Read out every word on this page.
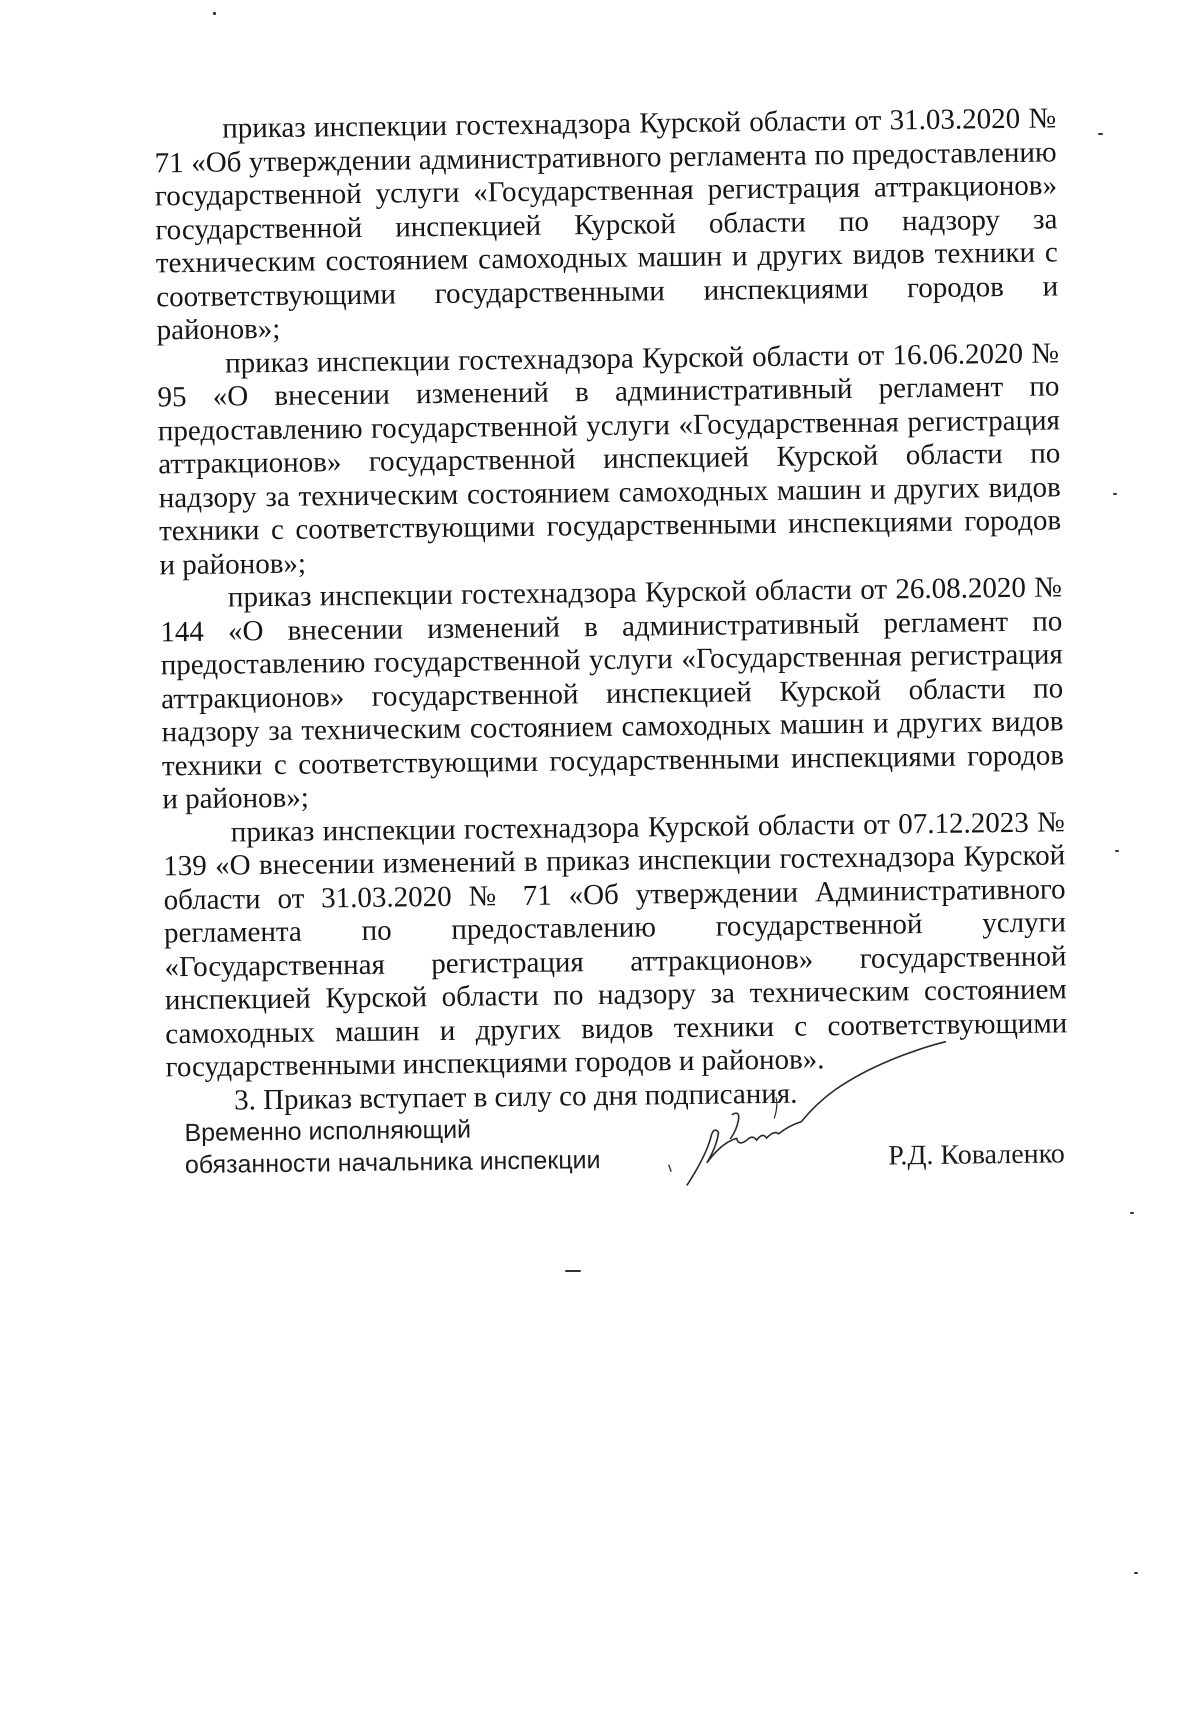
приказ инспекции гостехнадзора Курской области от 31.03.2020 № 71 «Об утверждении административного регламента по предоставлению государственной услуги «Государственная регистрация аттракционов» государственной инспекцией Курской области по надзору за техническим состоянием самоходных машин и других видов техники с соответствующими государственными инспекциями городов и районов»;

приказ инспекции гостехнадзора Курской области от 16.06.2020 № 95 «О внесении изменений в административный регламент по предоставлению государственной услуги «Государственная регистрация аттракционов» государственной инспекцией Курской области по надзору за техническим состоянием самоходных машин и других видов техники с соответствующими государственными инспекциями городов и районов»;

приказ инспекции гостехнадзора Курской области от 26.08.2020 № 144 «О внесении изменений в административный регламент по предоставлению государственной услуги «Государственная регистрация аттракционов» государственной инспекцией Курской области по надзору за техническим состоянием самоходных машин и других видов техники с соответствующими государственными инспекциями городов и районов»;

приказ инспекции гостехнадзора Курской области от 07.12.2023 № 139 «О внесении изменений в приказ инспекции гостехнадзора Курской области от 31.03.2020 № 71 «Об утверждении Административного регламента по предоставлению государственной услуги «Государственная регистрация аттракционов» государственной инспекцией Курской области по надзору за техническим состоянием самоходных машин и других видов техники с соответствующими государственными инспекциями городов и районов».

3. Приказ вступает в силу со дня подписания.

Временно исполняющий
обязанности начальника инспекции	Р.Д. Коваленко
